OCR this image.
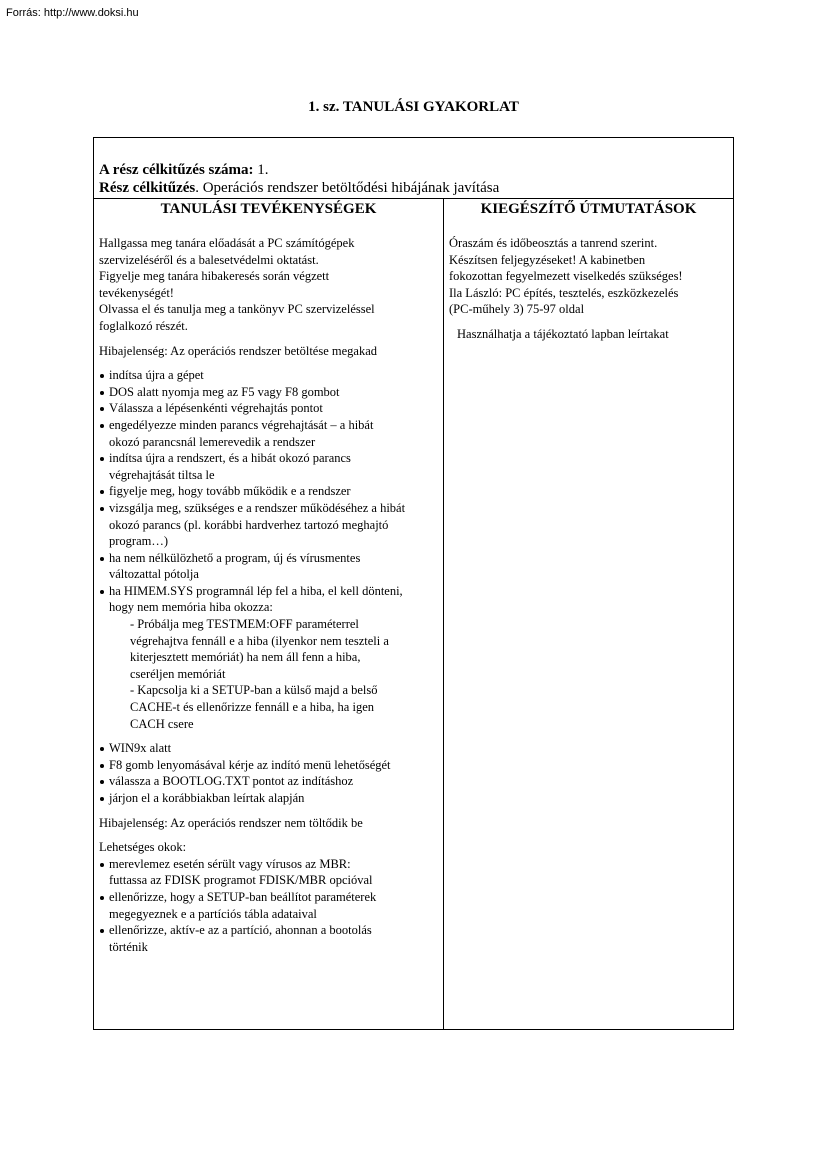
Forrás: http://www.doksi.hu
1. sz. TANULÁSI GYAKORLAT
A rész célkitűzés száma: 1.
Rész célkitűzés. Operációs rendszer betöltődési hibájának javítása
TANULÁSI TEVÉKENYSÉGEK	KIEGÉSZÍTŐ ÚTMUTATÁSOK
Hallgassa meg tanára előadását a PC számítógépek
szervizeléséről és a balesetvédelmi oktatást.
Figyelje meg tanára hibakeresés során végzett
tevékenységét!
Olvassa el és tanulja meg a tankönyv PC szervizeléssel
foglalkozó részét.
Hibajelenség: Az operációs rendszer betöltése megakad
indítsa újra a gépet
DOS alatt nyomja meg az F5 vagy F8 gombot
Válassza a lépésenkénti végrehajtás pontot
engedélyezze minden parancs végrehajtását – a hibát
okozó parancsnál lemerevedik a rendszer
indítsa újra a rendszert, és a hibát okozó parancs
végrehajtását tiltsa le
figyelje meg, hogy tovább működik e a rendszer
vizsgálja meg, szükséges e a rendszer működéséhez a hibát
okozó parancs (pl. korábbi hardverhez tartozó meghajtó
program…)
ha nem nélkülözhető a program, új és vírusmentes
változattal pótolja
ha HIMEM.SYS programnál lép fel a hiba, el kell dönteni,
hogy nem memória hiba okozza:
- Próbálja meg TESTMEM:OFF paraméterrel
végrehajtva fennáll e a hiba (ilyenkor nem teszteli a
kiterjesztett memóriát) ha nem áll fenn a hiba,
cseréljen memóriát
- Kapcsolja ki a SETUP-ban a külső majd a belső
CACHE-t és ellenőrizze fennáll e a hiba, ha igen
CACH csere
WIN9x alatt
F8 gomb lenyomásával kérje az indító menü lehetőségét
válassza a BOOTLOG.TXT pontot az indításhoz
járjon el a korábbiakban leírtak alapján
Hibajelenség: Az operációs rendszer nem töltődik be
Lehetséges okok:
merevlemez esetén sérült vagy vírusos az MBR:
futtassa az FDISK programot FDISK/MBR opcióval
ellenőrizze, hogy a SETUP-ban beállítot paraméterek
megegyeznek e a partíciós tábla adataival
ellenőrizze, aktív-e az a partíció, ahonnan a bootolás
történik
Óraszám és időbeosztás a tanrend szerint.
Készítsen feljegyzéseket! A kabinetben
fokozottan fegyelmezett viselkedés szükséges!
Ila László: PC építés, tesztelés, eszközkezelés
(PC-műhely 3) 75-97 oldal
Használhatja a tájékoztató lapban leírtakat
